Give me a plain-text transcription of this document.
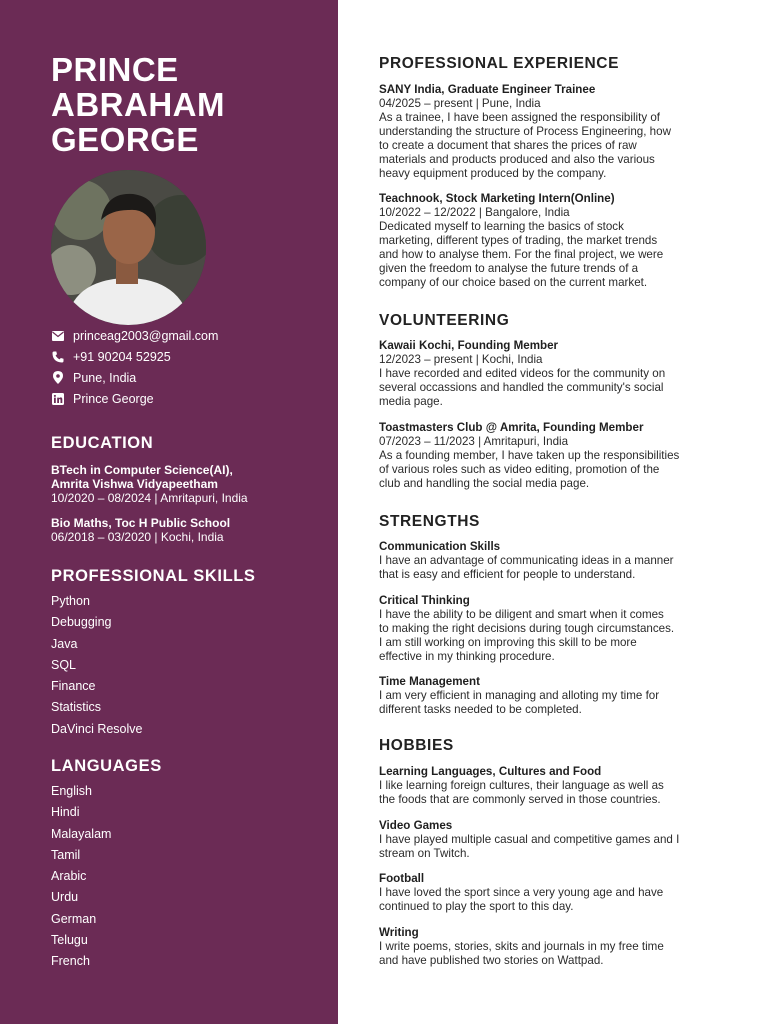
PRINCE
ABRAHAM
GEORGE
princeag2003@gmail.com
+91 90204 52925
Pune, India
Prince George
EDUCATION
BTech in Computer Science(AI),
Amrita Vishwa Vidyapeetham
10/2020 – 08/2024 | Amritapuri, India
Bio Maths, Toc H Public School
06/2018 – 03/2020 | Kochi, India
PROFESSIONAL SKILLS
Python
Debugging
Java
SQL
Finance
Statistics
DaVinci Resolve
LANGUAGES
English
Hindi
Malayalam
Tamil
Arabic
Urdu
German
Telugu
French
PROFESSIONAL EXPERIENCE
SANY India, Graduate Engineer Trainee
04/2025 – present | Pune, India
As a trainee, I have been assigned the responsibility of
understanding the structure of Process Engineering, how
to create a document that shares the prices of raw
materials and products produced and also the various
heavy equipment produced by the company.
Teachnook, Stock Marketing Intern(Online)
10/2022 – 12/2022 | Bangalore, India
Dedicated myself to learning the basics of stock
marketing, different types of trading, the market trends
and how to analyse them. For the final project, we were
given the freedom to analyse the future trends of a
company of our choice based on the current market.
VOLUNTEERING
Kawaii Kochi, Founding Member
12/2023 – present | Kochi, India
I have recorded and edited videos for the community on
several occassions and handled the community's social
media page.
Toastmasters Club @ Amrita, Founding Member
07/2023 – 11/2023 | Amritapuri, India
As a founding member, I have taken up the responsibilities
of various roles such as video editing, promotion of the
club and handling the social media page.
STRENGTHS
Communication Skills
I have an advantage of communicating ideas in a manner
that is easy and efficient for people to understand.
Critical Thinking
I have the ability to be diligent and smart when it comes
to making the right decisions during tough circumstances.
I am still working on improving this skill to be more
effective in my thinking procedure.
Time Management
I am very efficient in managing and alloting my time for
different tasks needed to be completed.
HOBBIES
Learning Languages, Cultures and Food
I like learning foreign cultures, their language as well as
the foods that are commonly served in those countries.
Video Games
I have played multiple casual and competitive games and I
stream on Twitch.
Football
I have loved the sport since a very young age and have
continued to play the sport to this day.
Writing
I write poems, stories, skits and journals in my free time
and have published two stories on Wattpad.
